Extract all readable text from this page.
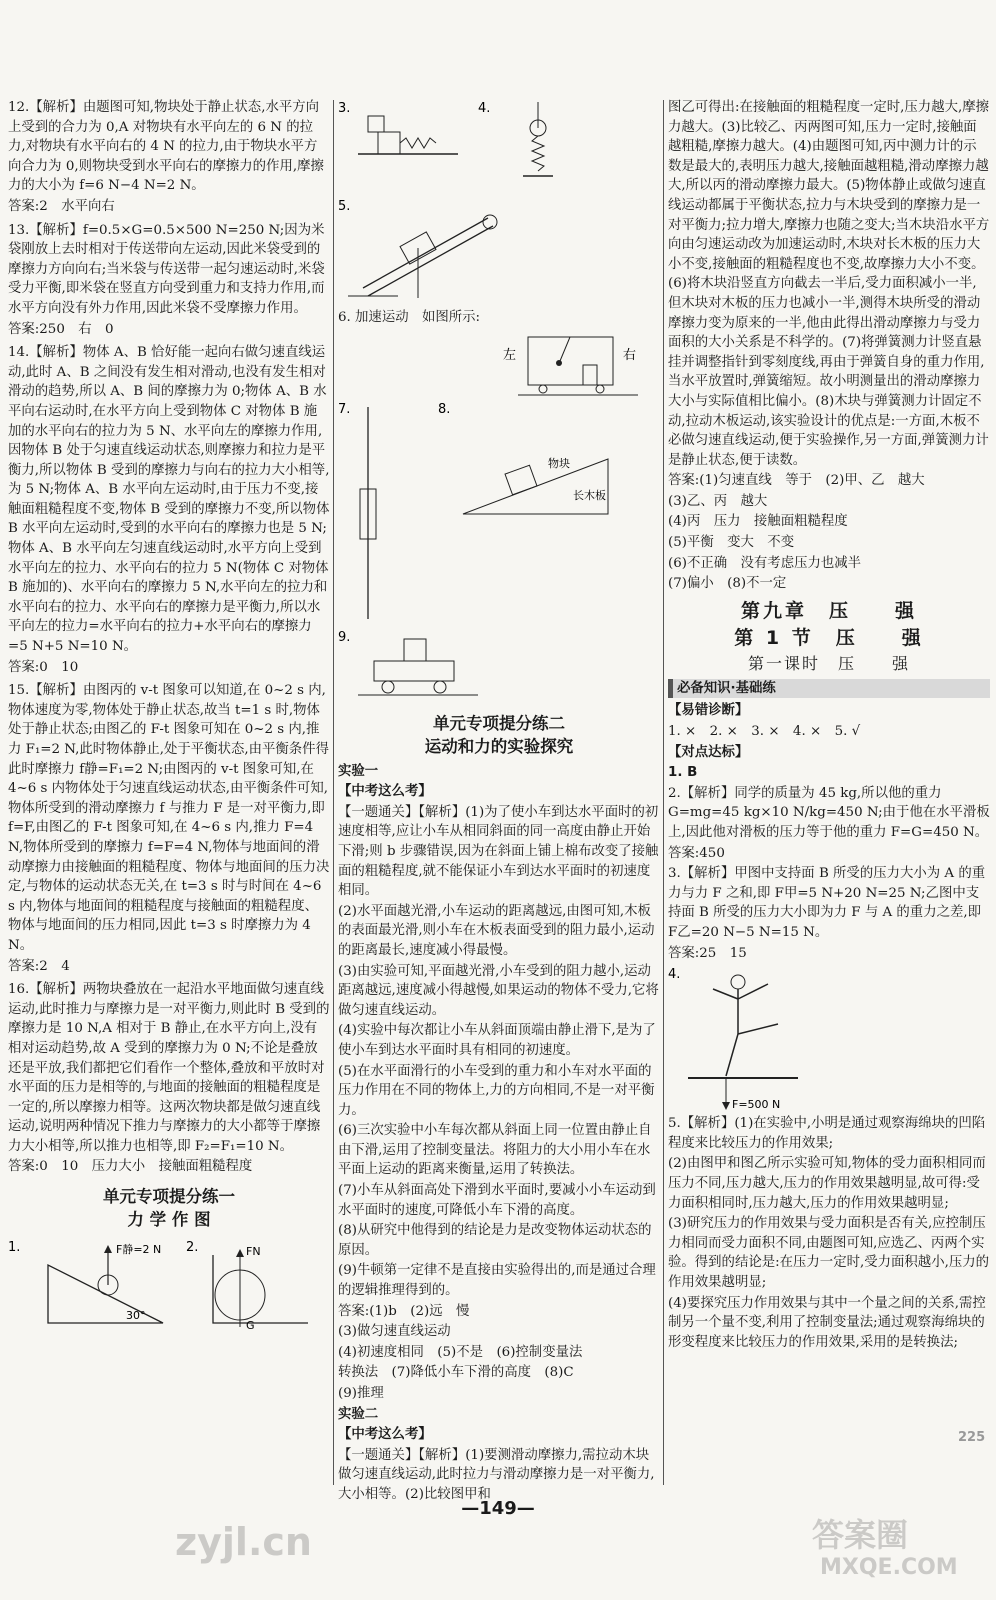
12.【解析】由题图可知,物块处于静止状态,水平方向上受到的合力为 0,A 对物块有水平向左的 6 N 的拉力,对物块有水平向右的 4 N 的拉力,由于物块水平方向合力为 0,则物块受到水平向右的摩擦力的作用,摩擦力的大小为 f=6 N−4 N=2 N。

答案:2　水平向右

13.【解析】f=0.5×G=0.5×500 N=250 N;因为米袋刚放上去时相对于传送带向左运动,因此米袋受到的摩擦力方向向右;当米袋与传送带一起匀速运动时,米袋受力平衡,即米袋在竖直方向受到重力和支持力作用,而水平方向没有外力作用,因此米袋不受摩擦力作用。

答案:250　右　0

14.【解析】物体 A、B 恰好能一起向右做匀速直线运动,此时 A、B 之间没有发生相对滑动,也没有发生相对滑动的趋势,所以 A、B 间的摩擦力为 0;物体 A、B 水平向右运动时,在水平方向上受到物体 C 对物体 B 施加的水平向右的拉力为 5 N、水平向左的摩擦力作用,因物体 B 处于匀速直线运动状态,则摩擦力和拉力是平衡力,所以物体 B 受到的摩擦力与向右的拉力大小相等,为 5 N;物体 A、B 水平向左运动时,由于压力不变,接触面粗糙程度不变,物体 B 受到的摩擦力不变,所以物体 B 水平向左运动时,受到的水平向右的摩擦力也是 5 N;物体 A、B 水平向左匀速直线运动时,水平方向上受到水平向左的拉力、水平向右的拉力 5 N(物体 C 对物体 B 施加的)、水平向右的摩擦力 5 N,水平向左的拉力和水平向右的拉力、水平向右的摩擦力是平衡力,所以水平向左的拉力=水平向右的拉力+水平向右的摩擦力=5 N+5 N=10 N。

答案:0　10

15.【解析】由图丙的 v-t 图象可以知道,在 0~2 s 内,物体速度为零,物体处于静止状态,故当 t=1 s 时,物体处于静止状态;由图乙的 F-t 图象可知在 0~2 s 内,推力 F₁=2 N,此时物体静止,处于平衡状态,由平衡条件得此时摩擦力 f静=F₁=2 N;由图丙的 v-t 图象可知,在 4~6 s 内物体处于匀速直线运动状态,由平衡条件可知,物体所受到的滑动摩擦力 f 与推力 F 是一对平衡力,即 f=F,由图乙的 F-t 图象可知,在 4~6 s 内,推力 F=4 N,物体所受到的摩擦力 f=F=4 N,物体与地面间的滑动摩擦力由接触面的粗糙程度、物体与地面间的压力决定,与物体的运动状态无关,在 t=3 s 时与时间在 4~6 s 内,物体与地面间的粗糙程度与接触面的粗糙程度、物体与地面间的压力相同,因此 t=3 s 时摩擦力为 4 N。

答案:2　4

16.【解析】两物块叠放在一起沿水平地面做匀速直线运动,此时推力与摩擦力是一对平衡力,则此时 B 受到的摩擦力是 10 N,A 相对于 B 静止,在水平方向上,没有相对运动趋势,故 A 受到的摩擦力为 0 N;不论是叠放还是平放,我们都把它们看作一个整体,叠放和平放时对水平面的压力是相等的,与地面的接触面的粗糙程度是一定的,所以摩擦力相等。这两次物块都是做匀速直线运动,说明两种情况下推力与摩擦力的大小都等于摩擦力大小相等,所以推力也相等,即 F₂=F₁=10 N。

答案:0　10　压力大小　接触面粗糙程度

单元专项提分练一
力 学 作 图
1.	F静=2 N
30°
2.	FN
G
3.	4.
5.

6. 加速运动　如图所示:

左	右
7.	8.
物块
长木板
9.
单元专项提分练二
运动和力的实验探究

实验一

【中考这么考】

【一题通关】【解析】(1)为了使小车到达水平面时的初速度相等,应让小车从相同斜面的同一高度由静止开始下滑;则 b 步骤错误,因为在斜面上铺上棉布改变了接触面的粗糙程度,就不能保证小车到达水平面时的初速度相同。

(2)水平面越光滑,小车运动的距离越远,由图可知,木板的表面最光滑,则小车在木板表面受到的阻力最小,运动的距离最长,速度减小得最慢。

(3)由实验可知,平面越光滑,小车受到的阻力越小,运动距离越远,速度减小得越慢,如果运动的物体不受力,它将做匀速直线运动。

(4)实验中每次都让小车从斜面顶端由静止滑下,是为了使小车到达水平面时具有相同的初速度。

(5)在水平面滑行的小车受到的重力和小车对水平面的压力作用在不同的物体上,力的方向相同,不是一对平衡力。

(6)三次实验中小车每次都从斜面上同一位置由静止自由下滑,运用了控制变量法。将阻力的大小用小车在水平面上运动的距离来衡量,运用了转换法。

(7)小车从斜面高处下滑到水平面时,要减小小车运动到水平面时的速度,可降低小车下滑的高度。

(8)从研究中他得到的结论是力是改变物体运动状态的原因。

(9)牛顿第一定律不是直接由实验得出的,而是通过合理的逻辑推理得到的。

答案:(1)b　(2)远　慢

(3)做匀速直线运动

(4)初速度相同　(5)不是　(6)控制变量法

转换法　(7)降低小车下滑的高度　(8)C

(9)推理

实验二

【中考这么考】

【一题通关】【解析】(1)要测滑动摩擦力,需拉动木块做匀速直线运动,此时拉力与滑动摩擦力是一对平衡力,大小相等。(2)比较图甲和

图乙可得出:在接触面的粗糙程度一定时,压力越大,摩擦力越大。(3)比较乙、丙两图可知,压力一定时,接触面越粗糙,摩擦力越大。(4)由题图可知,丙中测力计的示数是最大的,表明压力越大,接触面越粗糙,滑动摩擦力越大,所以丙的滑动摩擦力最大。(5)物体静止或做匀速直线运动都属于平衡状态,拉力与木块受到的摩擦力是一对平衡力;拉力增大,摩擦力也随之变大;当木块沿水平方向由匀速运动改为加速运动时,木块对长木板的压力大小不变,接触面的粗糙程度也不变,故摩擦力大小不变。(6)将木块沿竖直方向截去一半后,受力面积减小一半,但木块对木板的压力也减小一半,测得木块所受的滑动摩擦力变为原来的一半,他由此得出滑动摩擦力与受力面积的大小关系是不科学的。(7)将弹簧测力计竖直悬挂并调整指针到零刻度线,再由于弹簧自身的重力作用,当水平放置时,弹簧缩短。故小明测量出的滑动摩擦力大小与实际值相比偏小。(8)木块与弹簧测力计固定不动,拉动木板运动,该实验设计的优点是:一方面,木板不必做匀速直线运动,便于实验操作,另一方面,弹簧测力计是静止状态,便于读数。

答案:(1)匀速直线　等于　(2)甲、乙　越大

(3)乙、丙　越大

(4)丙　压力　接触面粗糙程度

(5)平衡　变大　不变

(6)不正确　没有考虑压力也减半

(7)偏小　(8)不一定

第九章　压　　强
第 1 节　压　　强
第一课时　压　　强
必备知识·基础练

【易错诊断】

1. ×　2. ×　3. ×　4. ×　5. √

【对点达标】

1. B

2.【解析】同学的质量为 45 kg,所以他的重力 G=mg=45 kg×10 N/kg=450 N;由于他在水平滑板上,因此他对滑板的压力等于他的重力 F=G=450 N。

答案:450

3.【解析】甲图中支持面 B 所受的压力大小为 A 的重力与力 F 之和,即 F甲=5 N+20 N=25 N;乙图中支持面 B 所受的压力大小即为力 F 与 A 的重力之差,即 F乙=20 N−5 N=15 N。

答案:25　15

4.
F=500 N

5.【解析】(1)在实验中,小明是通过观察海绵块的凹陷程度来比较压力的作用效果;

(2)由图甲和图乙所示实验可知,物体的受力面积相同而压力不同,压力越大,压力的作用效果越明显,故可得:受力面积相同时,压力越大,压力的作用效果越明显;

(3)研究压力的作用效果与受力面积是否有关,应控制压力相同而受力面积不同,由题图可知,应选乙、丙两个实验。得到的结论是:在压力一定时,受力面积越小,压力的作用效果越明显;

(4)要探究压力作用效果与其中一个量之间的关系,需控制另一个量不变,利用了控制变量法;通过观察海绵块的形变程度来比较压力的作用效果,采用的是转换法;

225
—149—
zyjl.cn	答案圈
MXQE.COM
